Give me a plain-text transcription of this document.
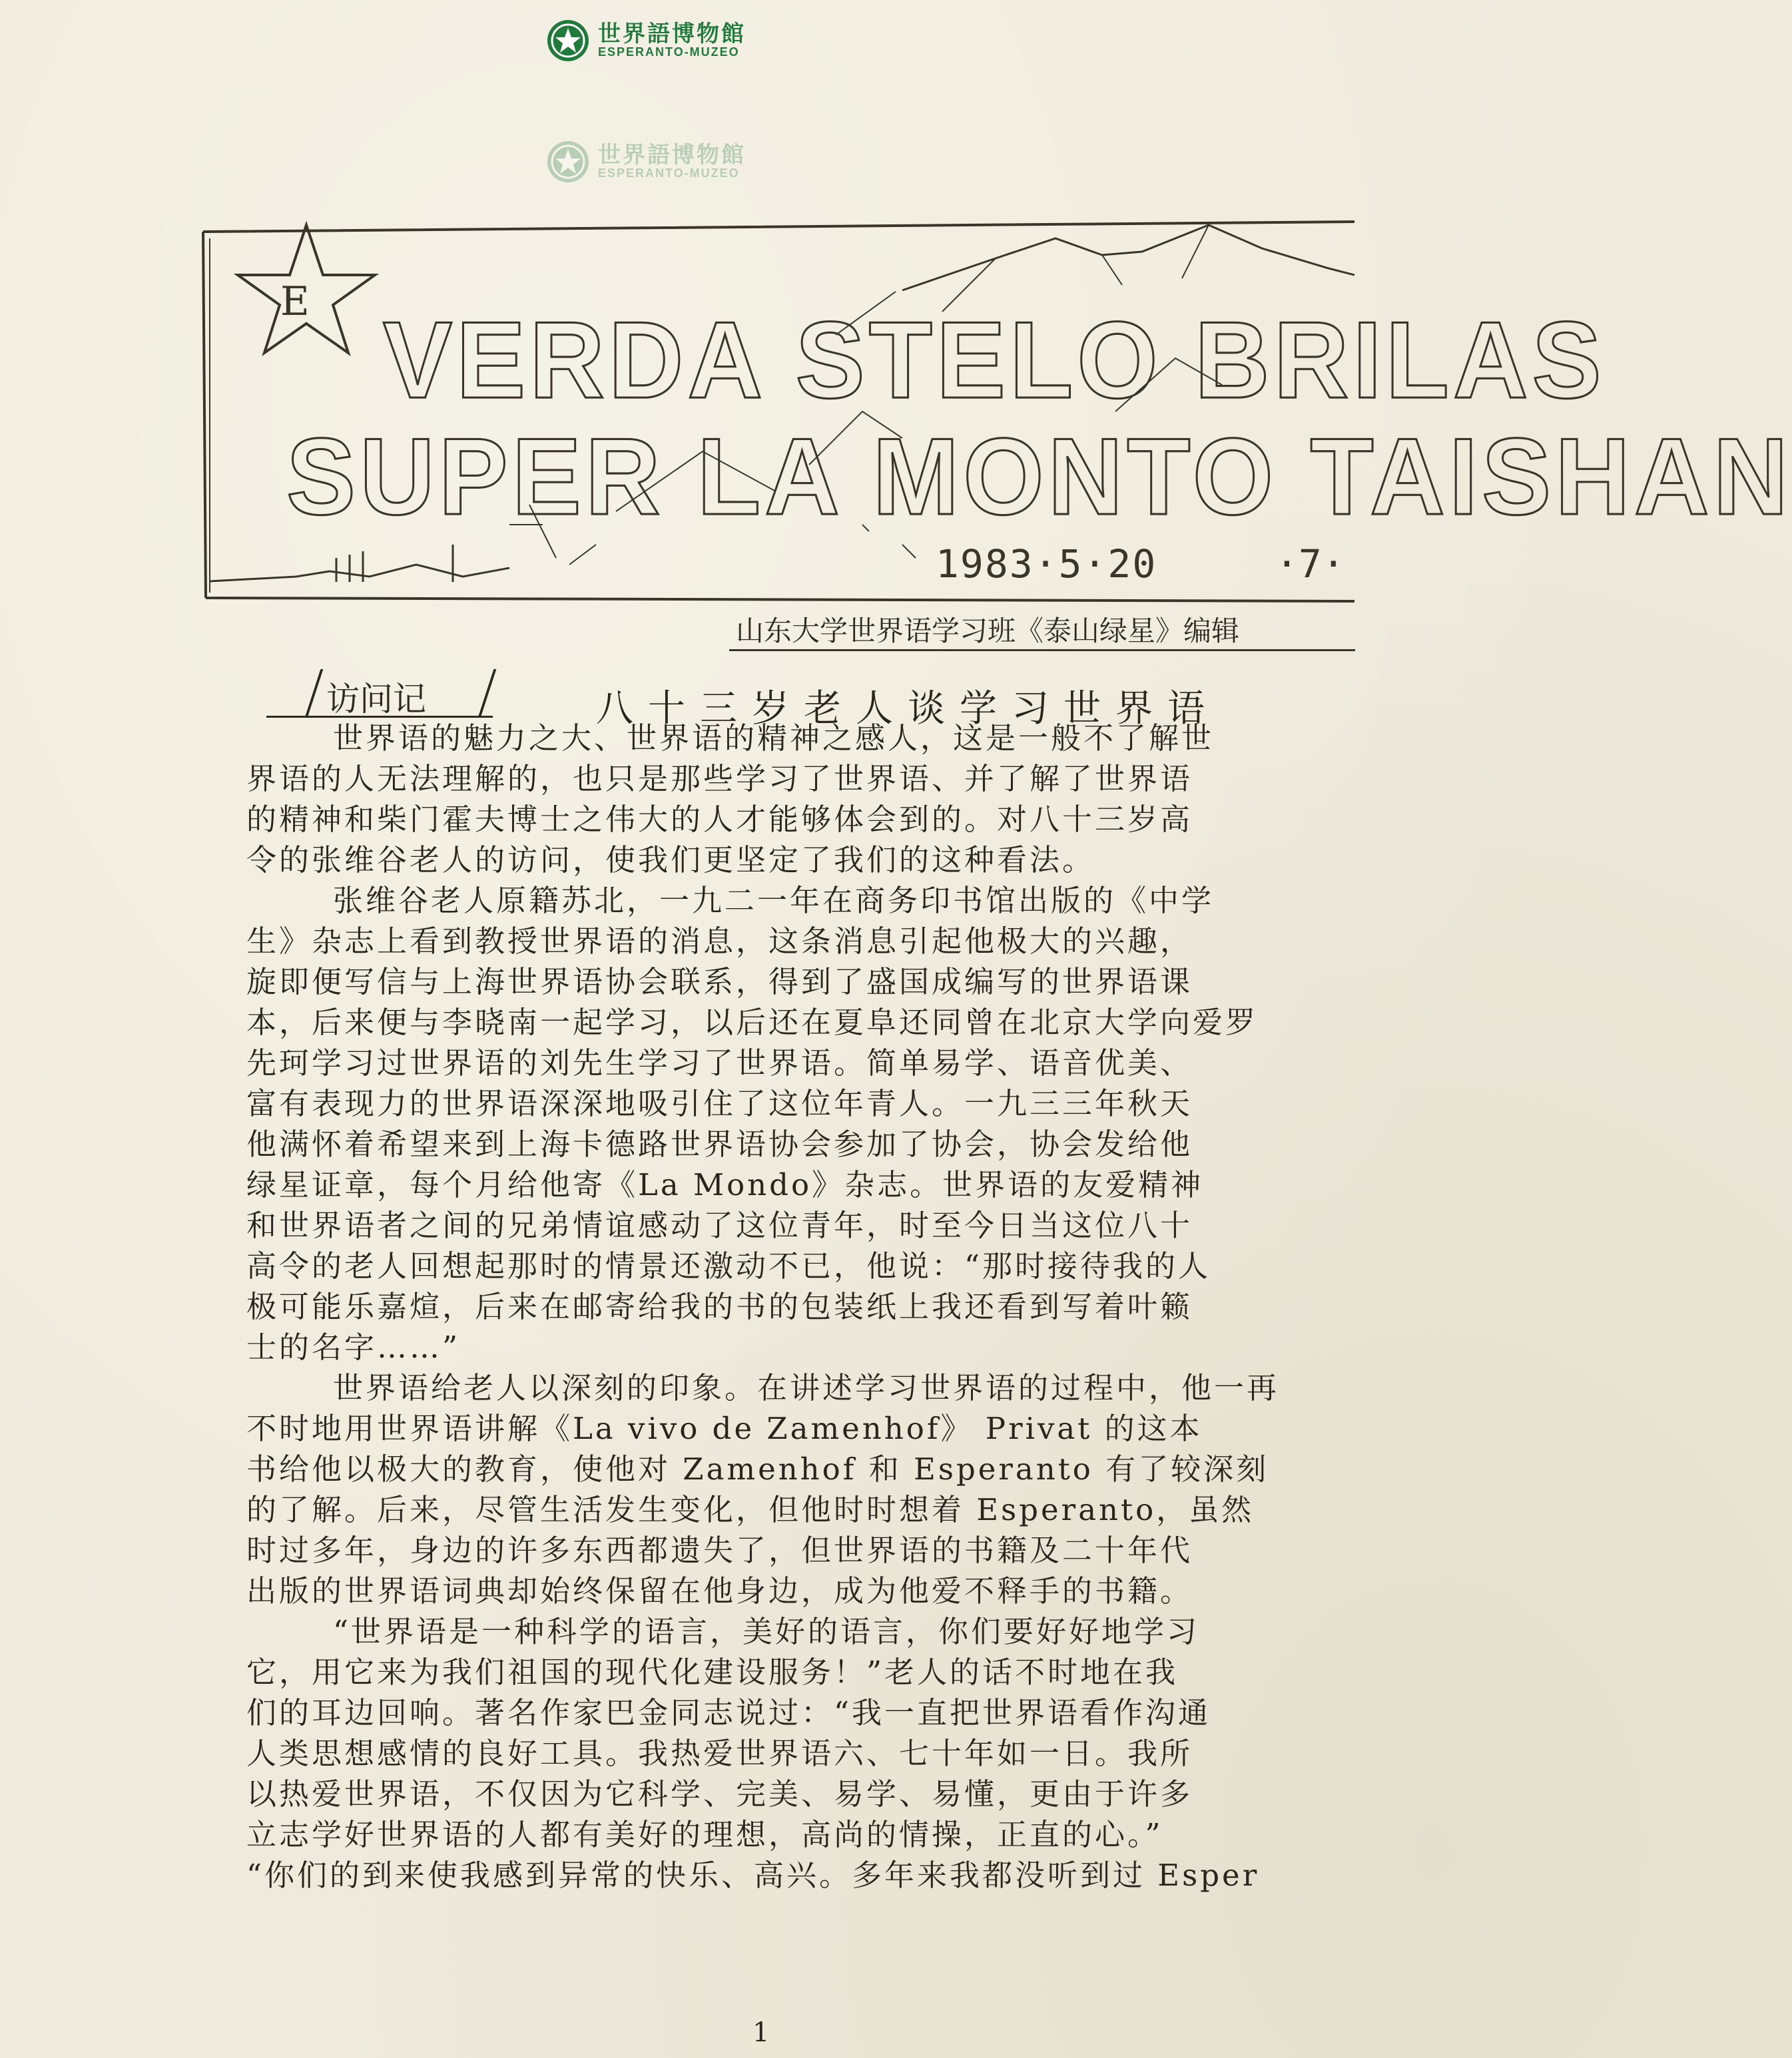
世界語博物館
ESPERANTO-MUZEO
世界語博物館
ESPERANTO-MUZEO
E VERDA STELO BRILAS
SUPER LA MONTO TAISHAN
1983·5·20	·7·
山东大学世界语学习班《泰山绿星》编辑
访问记	八十三岁老人谈学习世界语
世界语的魅力之大、世界语的精神之感人，这是一般不了解世
界语的人无法理解的，也只是那些学习了世界语、并了解了世界语
的精神和柴门霍夫博士之伟大的人才能够体会到的。对八十三岁高
令的张维谷老人的访问，使我们更坚定了我们的这种看法。
张维谷老人原籍苏北，一九二一年在商务印书馆出版的《中学
生》杂志上看到教授世界语的消息，这条消息引起他极大的兴趣，
旋即便写信与上海世界语协会联系，得到了盛国成编写的世界语课
本，后来便与李晓南一起学习，以后还在夏阜还同曾在北京大学向爱罗
先珂学习过世界语的刘先生学习了世界语。简单易学、语音优美、
富有表现力的世界语深深地吸引住了这位年青人。一九三三年秋天
他满怀着希望来到上海卡德路世界语协会参加了协会，协会发给他
绿星证章，每个月给他寄《La Mondo》杂志。世界语的友爱精神
和世界语者之间的兄弟情谊感动了这位青年，时至今日当这位八十
高令的老人回想起那时的情景还激动不已，他说：“那时接待我的人
极可能乐嘉煊，后来在邮寄给我的书的包装纸上我还看到写着叶籁
士的名字……”
世界语给老人以深刻的印象。在讲述学习世界语的过程中，他一再
不时地用世界语讲解《La vivo de Zamenhof》 Privat 的这本
书给他以极大的教育，使他对 Zamenhof 和 Esperanto 有了较深刻
的了解。后来，尽管生活发生变化，但他时时想着 Esperanto，虽然
时过多年，身边的许多东西都遗失了，但世界语的书籍及二十年代
出版的世界语词典却始终保留在他身边，成为他爱不释手的书籍。
“世界语是一种科学的语言，美好的语言，你们要好好地学习
它，用它来为我们祖国的现代化建设服务！”老人的话不时地在我
们的耳边回响。著名作家巴金同志说过：“我一直把世界语看作沟通
人类思想感情的良好工具。我热爱世界语六、七十年如一日。我所
以热爱世界语，不仅因为它科学、完美、易学、易懂，更由于许多
立志学好世界语的人都有美好的理想，高尚的情操，正直的心。”
“你们的到来使我感到异常的快乐、高兴。多年来我都没听到过 Esper
1
